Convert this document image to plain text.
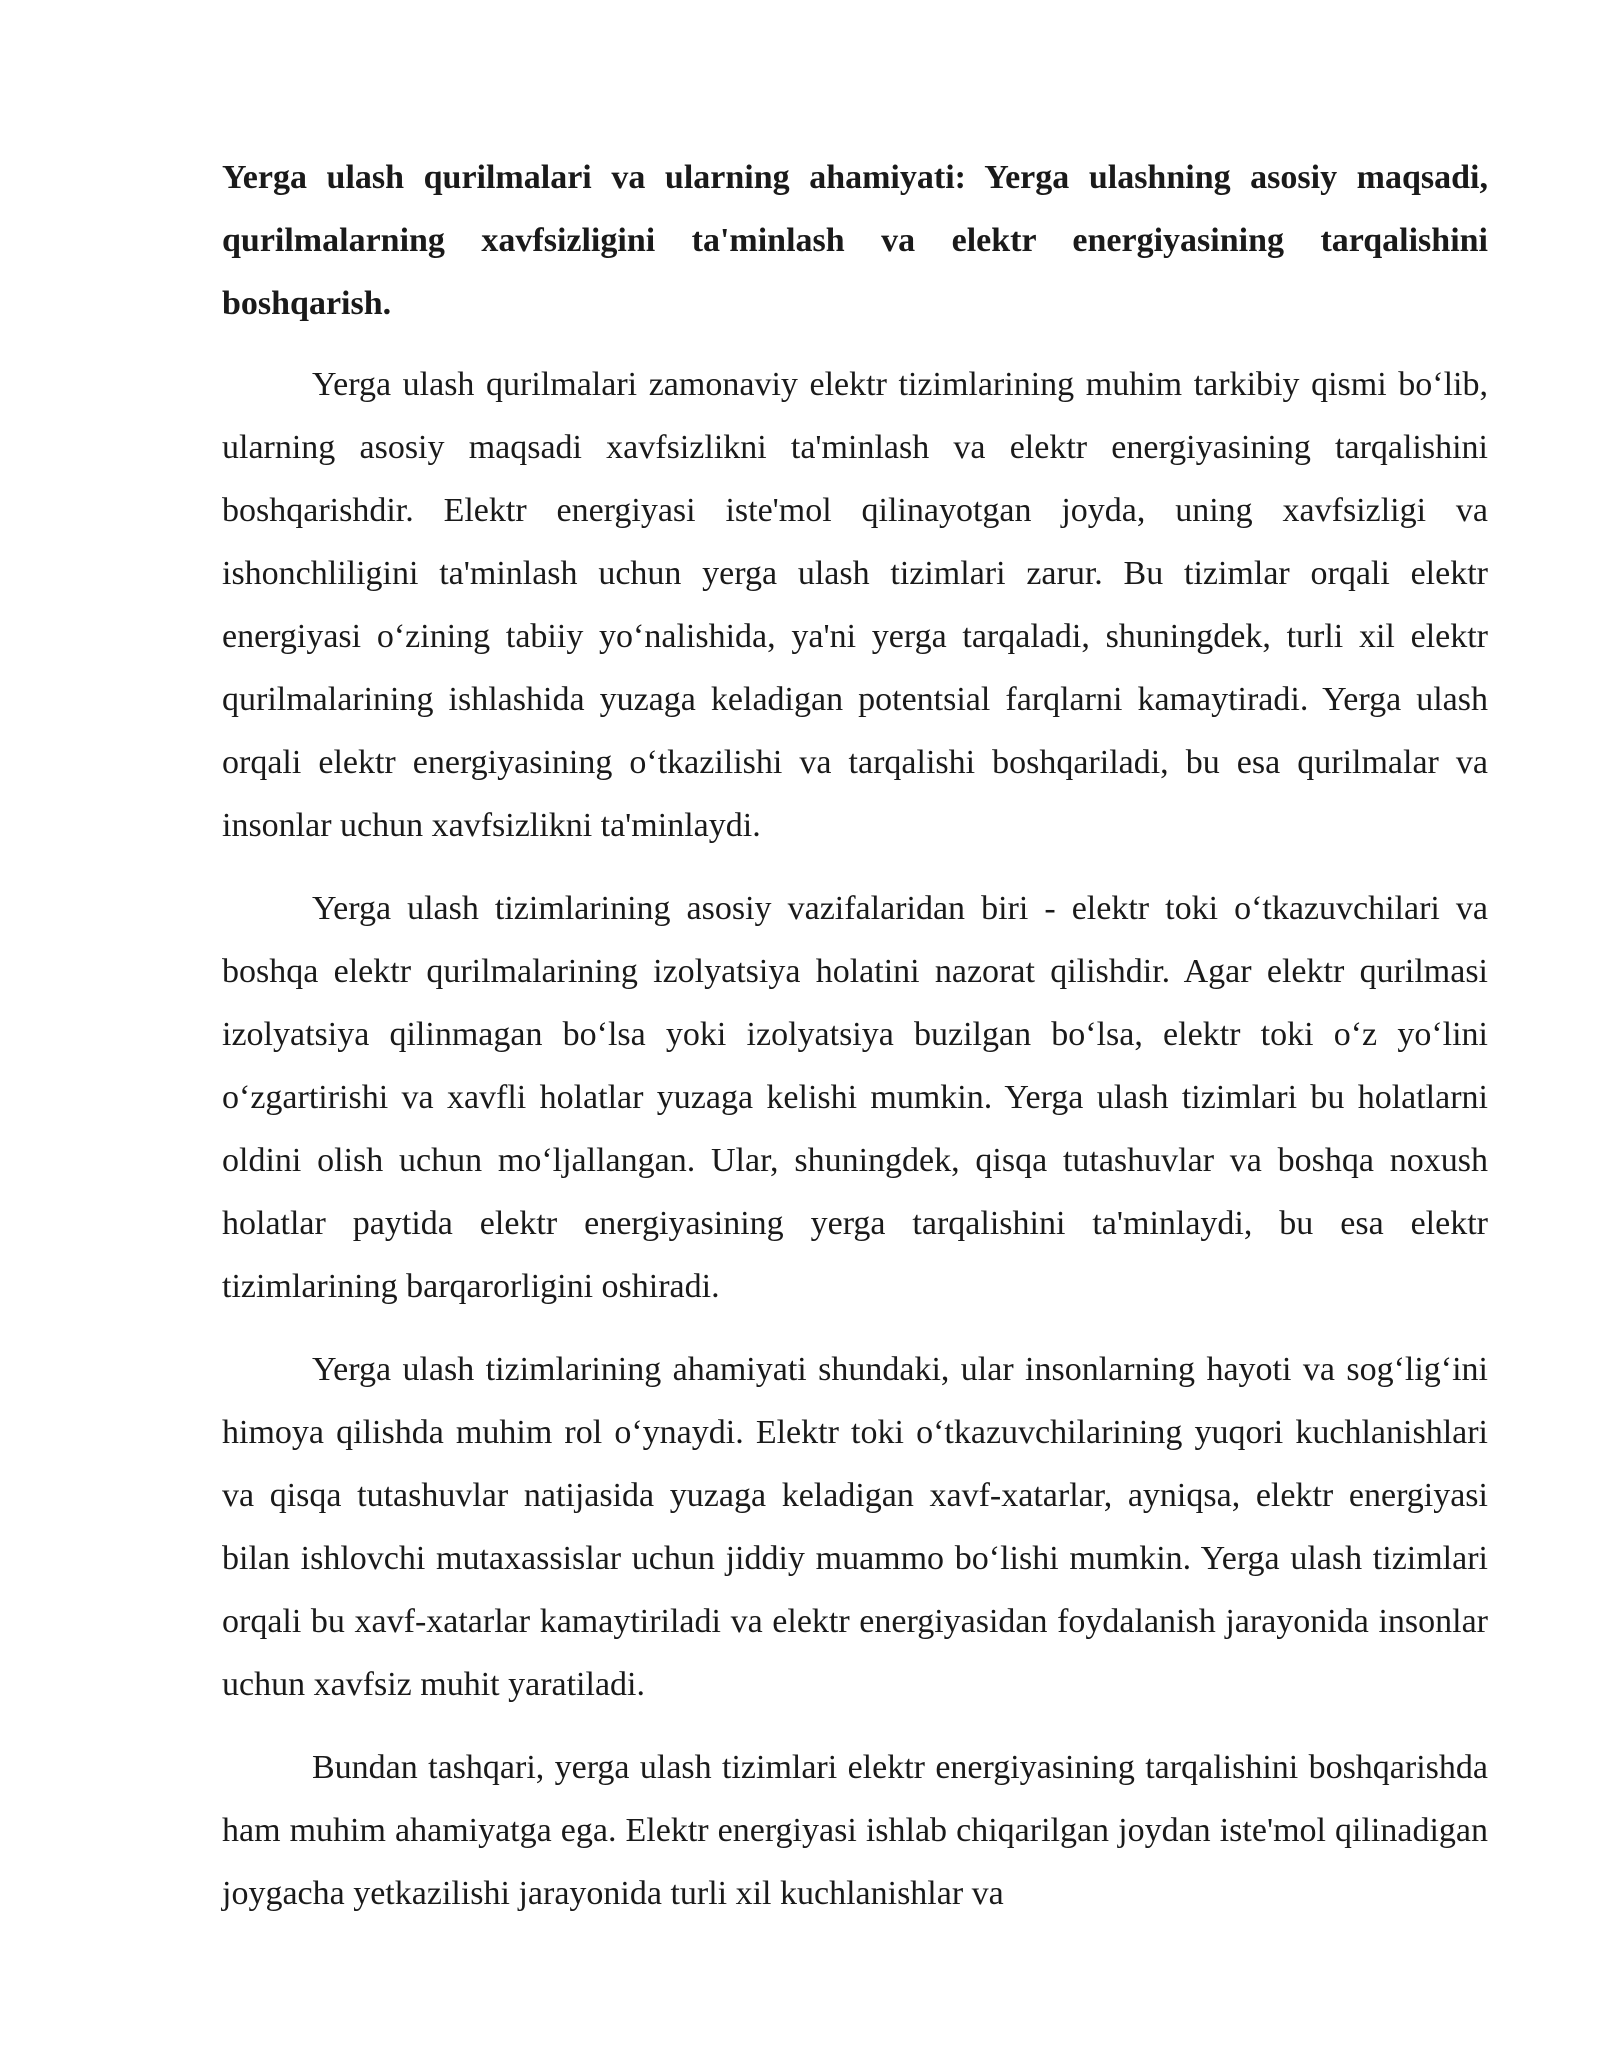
Yerga ulash qurilmalari va ularning ahamiyati: Yerga ulashning asosiy maqsadi, qurilmalarning xavfsizligini ta'minlash va elektr energiyasining tarqalishini boshqarish.

Yerga ulash qurilmalari zamonaviy elektr tizimlarining muhim tarkibiy qismi bo‘lib, ularning asosiy maqsadi xavfsizlikni ta'minlash va elektr energiyasining tarqalishini boshqarishdir. Elektr energiyasi iste'mol qilinayotgan joyda, uning xavfsizligi va ishonchliligini ta'minlash uchun yerga ulash tizimlari zarur. Bu tizimlar orqali elektr energiyasi o‘zining tabiiy yo‘nalishida, ya'ni yerga tarqaladi, shuningdek, turli xil elektr qurilmalarining ishlashida yuzaga keladigan potentsial farqlarni kamaytiradi. Yerga ulash orqali elektr energiyasining o‘tkazilishi va tarqalishi boshqariladi, bu esa qurilmalar va insonlar uchun xavfsizlikni ta'minlaydi.

Yerga ulash tizimlarining asosiy vazifalaridan biri - elektr toki o‘tkazuvchilari va boshqa elektr qurilmalarining izolyatsiya holatini nazorat qilishdir. Agar elektr qurilmasi izolyatsiya qilinmagan bo‘lsa yoki izolyatsiya buzilgan bo‘lsa, elektr toki o‘z yo‘lini o‘zgartirishi va xavfli holatlar yuzaga kelishi mumkin. Yerga ulash tizimlari bu holatlarni oldini olish uchun mo‘ljallangan. Ular, shuningdek, qisqa tutashuvlar va boshqa noxush holatlar paytida elektr energiyasining yerga tarqalishini ta'minlaydi, bu esa elektr tizimlarining barqarorligini oshiradi.

Yerga ulash tizimlarining ahamiyati shundaki, ular insonlarning hayoti va sog‘lig‘ini himoya qilishda muhim rol o‘ynaydi. Elektr toki o‘tkazuvchilarining yuqori kuchlanishlari va qisqa tutashuvlar natijasida yuzaga keladigan xavf-xatarlar, ayniqsa, elektr energiyasi bilan ishlovchi mutaxassislar uchun jiddiy muammo bo‘lishi mumkin. Yerga ulash tizimlari orqali bu xavf-xatarlar kamaytiriladi va elektr energiyasidan foydalanish jarayonida insonlar uchun xavfsiz muhit yaratiladi.

Bundan tashqari, yerga ulash tizimlari elektr energiyasining tarqalishini boshqarishda ham muhim ahamiyatga ega. Elektr energiyasi ishlab chiqarilgan joydan iste'mol qilinadigan joygacha yetkazilishi jarayonida turli xil kuchlanishlar va
